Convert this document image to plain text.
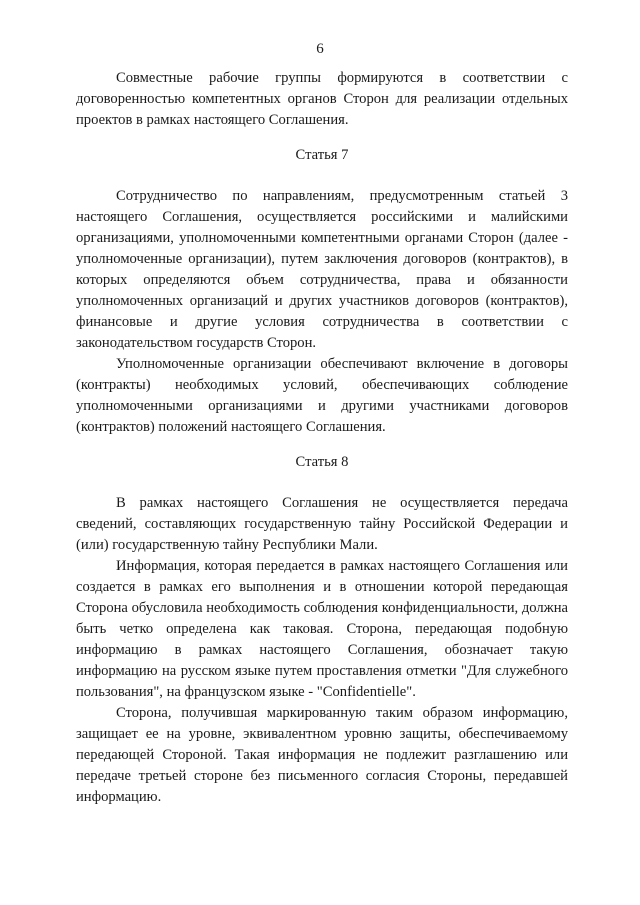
6

Совместные рабочие группы формируются в соответствии с договоренностью компетентных органов Сторон для реализации отдельных проектов в рамках настоящего Соглашения.

Статья 7

Сотрудничество по направлениям, предусмотренным статьей 3 настоящего Соглашения, осуществляется российскими и малийскими организациями, уполномоченными компетентными органами Сторон (далее - уполномоченные организации), путем заключения договоров (контрактов), в которых определяются объем сотрудничества, права и обязанности уполномоченных организаций и других участников договоров (контрактов), финансовые и другие условия сотрудничества в соответствии с законодательством государств Сторон.

Уполномоченные организации обеспечивают включение в договоры (контракты) необходимых условий, обеспечивающих соблюдение уполномоченными организациями и другими участниками договоров (контрактов) положений настоящего Соглашения.

Статья 8

В рамках настоящего Соглашения не осуществляется передача сведений, составляющих государственную тайну Российской Федерации и (или) государственную тайну Республики Мали.

Информация, которая передается в рамках настоящего Соглашения или создается в рамках его выполнения и в отношении которой передающая Сторона обусловила необходимость соблюдения конфиденциальности, должна быть четко определена как таковая. Сторона, передающая подобную информацию в рамках настоящего Соглашения, обозначает такую информацию на русском языке путем проставления отметки "Для служебного пользования", на французском языке - "Confidentielle".

Сторона, получившая маркированную таким образом информацию, защищает ее на уровне, эквивалентном уровню защиты, обеспечиваемому передающей Стороной. Такая информация не подлежит разглашению или передаче третьей стороне без письменного согласия Стороны, передавшей информацию.
